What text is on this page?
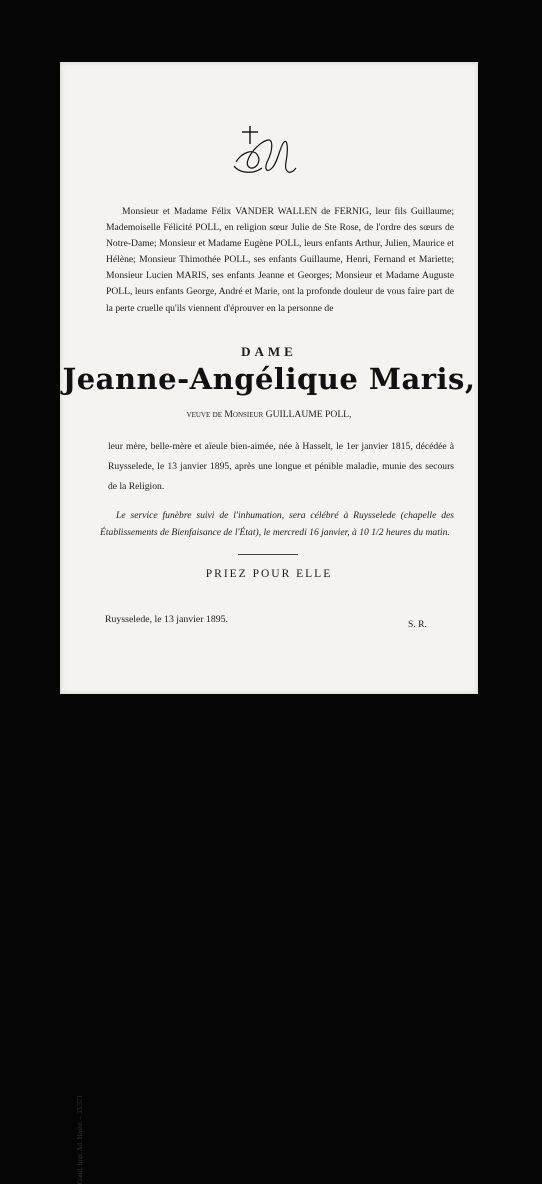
Gand, imp. Ad. Hoste. – 33.371
Monsieur et Madame Félix VANDER WALLEN de FERNIG, leur fils Guillaume; Mademoiselle Félicité POLL, en religion sœur Julie de Ste Rose, de l'ordre des sœurs de Notre-Dame; Monsieur et Madame Eugène POLL, leurs enfants Arthur, Julien, Maurice et Hélène; Monsieur Thimothée POLL, ses enfants Guillaume, Henri, Fernand et Mariette; Monsieur Lucien MARIS, ses enfants Jeanne et Georges; Monsieur et Madame Auguste POLL, leurs enfants George, André et Marie, ont la profonde douleur de vous faire part de la perte cruelle qu'ils viennent d'éprouver en la personne de
DAME
Jeanne-Angélique Maris,
veuve de Monsieur GUILLAUME POLL,
leur mère, belle-mère et aïeule bien-aimée, née à Hasselt, le 1er janvier 1815, décédée à Ruysselede, le 13 janvier 1895, après une longue et pénible maladie, munie des secours de la Religion.
Le service funèbre suivi de l'inhumation, sera célébré à Ruysselede (chapelle des Établissements de Bienfaisance de l'État), le mercredi 16 janvier, à 10 1/2 heures du matin.
PRIEZ POUR ELLE
Ruysselede, le 13 janvier 1895.	S. R.
